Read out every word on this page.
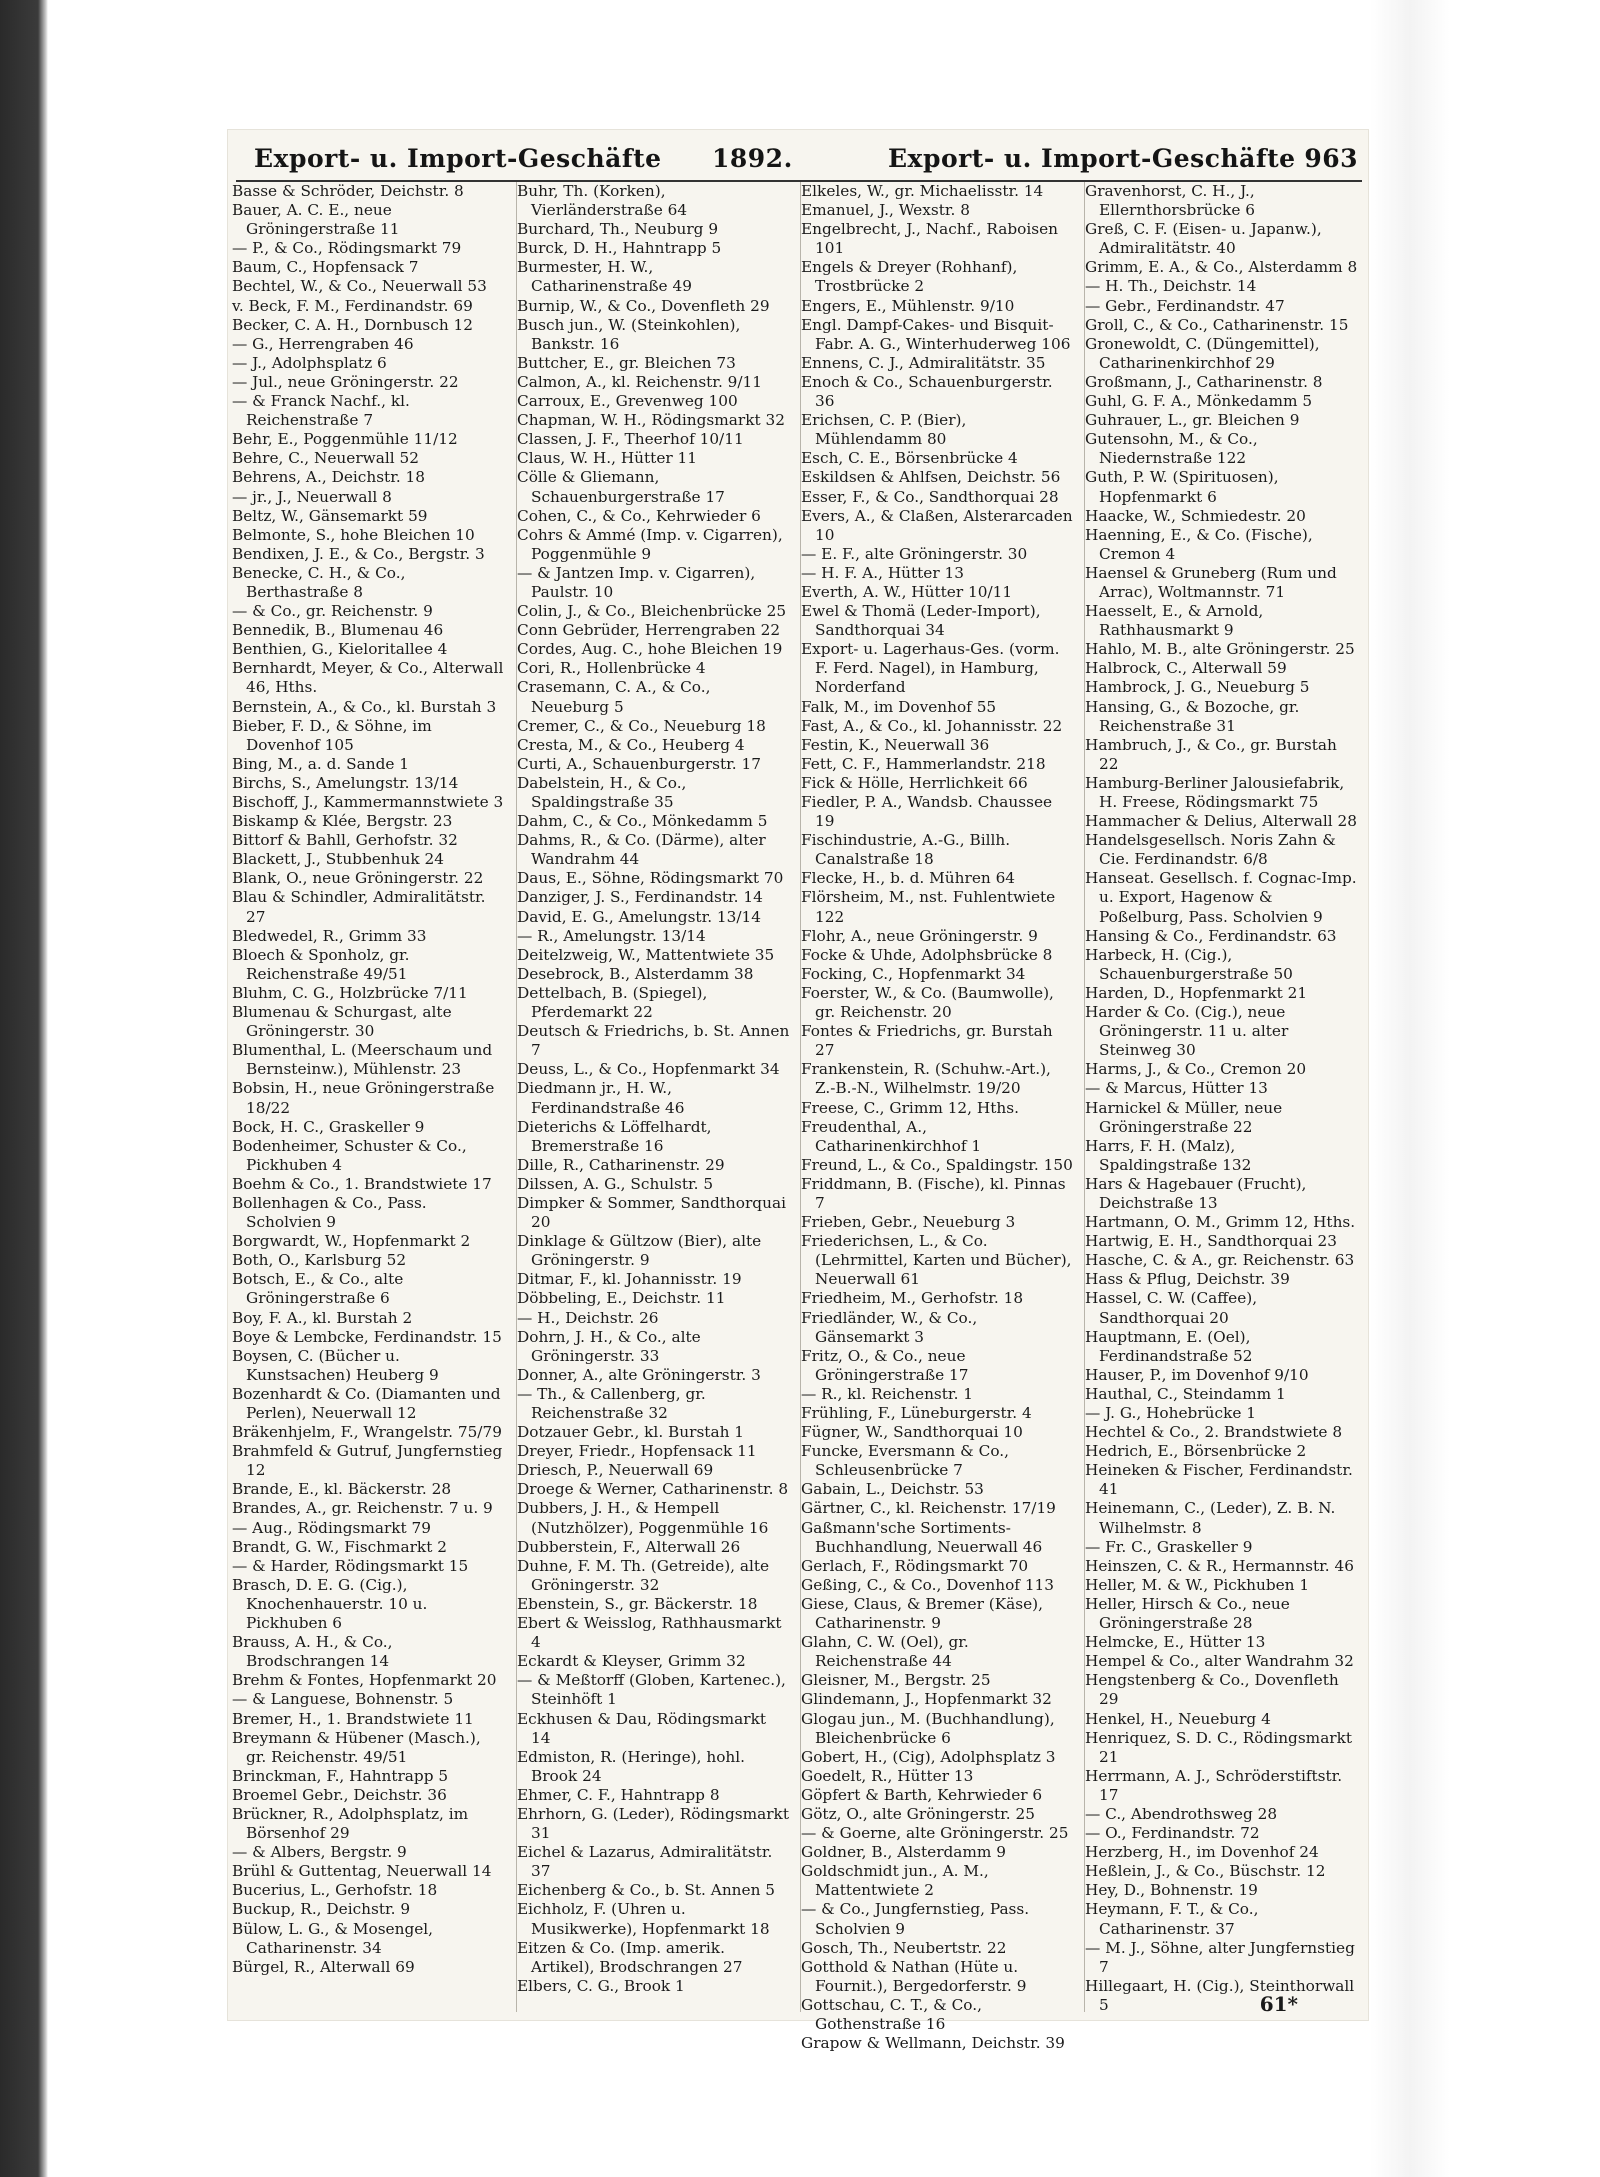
Export- u. Import-Geschäfte 1892.	Export- u. Import-Geschäfte 963

Basse & Schröder, Deichstr. 8

Bauer, A. C. E., neue Gröningerstraße 11

— P., & Co., Rödingsmarkt 79

Baum, C., Hopfensack 7

Bechtel, W., & Co., Neuerwall 53

v. Beck, F. M., Ferdinandstr. 69

Becker, C. A. H., Dornbusch 12

— G., Herrengraben 46

— J., Adolphsplatz 6

— Jul., neue Gröningerstr. 22

— & Franck Nachf., kl. Reichenstraße 7

Behr, E., Poggenmühle 11/12

Behre, C., Neuerwall 52

Behrens, A., Deichstr. 18

— jr., J., Neuerwall 8

Beltz, W., Gänsemarkt 59

Belmonte, S., hohe Bleichen 10

Bendixen, J. E., & Co., Bergstr. 3

Benecke, C. H., & Co., Berthastraße 8

— & Co., gr. Reichenstr. 9

Bennedik, B., Blumenau 46

Benthien, G., Kieloritallee 4

Bernhardt, Meyer, & Co., Alterwall 46, Hths.

Bernstein, A., & Co., kl. Burstah 3

Bieber, F. D., & Söhne, im Dovenhof 105

Bing, M., a. d. Sande 1

Birchs, S., Amelungstr. 13/14

Bischoff, J., Kammermannstwiete 3

Biskamp & Klée, Bergstr. 23

Bittorf & Bahll, Gerhofstr. 32

Blackett, J., Stubbenhuk 24

Blank, O., neue Gröningerstr. 22

Blau & Schindler, Admiralitätstr. 27

Bledwedel, R., Grimm 33

Bloech & Sponholz, gr. Reichenstraße 49/51

Bluhm, C. G., Holzbrücke 7/11

Blumenau & Schurgast, alte Gröningerstr. 30

Blumenthal, L. (Meerschaum und Bernsteinw.), Mühlenstr. 23

Bobsin, H., neue Gröningerstraße 18/22

Bock, H. C., Graskeller 9

Bodenheimer, Schuster & Co., Pickhuben 4

Boehm & Co., 1. Brandstwiete 17

Bollenhagen & Co., Pass. Scholvien 9

Borgwardt, W., Hopfenmarkt 2

Both, O., Karlsburg 52

Botsch, E., & Co., alte Gröningerstraße 6

Boy, F. A., kl. Burstah 2

Boye & Lembcke, Ferdinandstr. 15

Boysen, C. (Bücher u. Kunstsachen) Heuberg 9

Bozenhardt & Co. (Diamanten und Perlen), Neuerwall 12

Bräkenhjelm, F., Wrangelstr. 75/79

Brahmfeld & Gutruf, Jungfernstieg 12

Brande, E., kl. Bäckerstr. 28

Brandes, A., gr. Reichenstr. 7 u. 9

— Aug., Rödingsmarkt 79

Brandt, G. W., Fischmarkt 2

— & Harder, Rödingsmarkt 15

Brasch, D. E. G. (Cig.), Knochenhauerstr. 10 u. Pickhuben 6

Brauss, A. H., & Co., Brodschrangen 14

Brehm & Fontes, Hopfenmarkt 20

— & Languese, Bohnenstr. 5

Bremer, H., 1. Brandstwiete 11

Breymann & Hübener (Masch.), gr. Reichenstr. 49/51

Brinckman, F., Hahntrapp 5

Broemel Gebr., Deichstr. 36

Brückner, R., Adolphsplatz, im Börsenhof 29

— & Albers, Bergstr. 9

Brühl & Guttentag, Neuerwall 14

Bucerius, L., Gerhofstr. 18

Buckup, R., Deichstr. 9

Bülow, L. G., & Mosengel, Catharinenstr. 34

Bürgel, R., Alterwall 69

Buhr, Th. (Korken), Vierländerstraße 64

Burchard, Th., Neuburg 9

Burck, D. H., Hahntrapp 5

Burmester, H. W., Catharinenstraße 49

Burnip, W., & Co., Dovenfleth 29

Busch jun., W. (Steinkohlen), Bankstr. 16

Buttcher, E., gr. Bleichen 73

Calmon, A., kl. Reichenstr. 9/11

Carroux, E., Grevenweg 100

Chapman, W. H., Rödingsmarkt 32

Classen, J. F., Theerhof 10/11

Claus, W. H., Hütter 11

Cölle & Gliemann, Schauenburgerstraße 17

Cohen, C., & Co., Kehrwieder 6

Cohrs & Ammé (Imp. v. Cigarren), Poggenmühle 9

— & Jantzen Imp. v. Cigarren), Paulstr. 10

Colin, J., & Co., Bleichenbrücke 25

Conn Gebrüder, Herrengraben 22

Cordes, Aug. C., hohe Bleichen 19

Cori, R., Hollenbrücke 4

Crasemann, C. A., & Co., Neueburg 5

Cremer, C., & Co., Neueburg 18

Cresta, M., & Co., Heuberg 4

Curti, A., Schauenburgerstr. 17

Dabelstein, H., & Co., Spaldingstraße 35

Dahm, C., & Co., Mönkedamm 5

Dahms, R., & Co. (Därme), alter Wandrahm 44

Daus, E., Söhne, Rödingsmarkt 70

Danziger, J. S., Ferdinandstr. 14

David, E. G., Amelungstr. 13/14

— R., Amelungstr. 13/14

Deitelzweig, W., Mattentwiete 35

Desebrock, B., Alsterdamm 38

Dettelbach, B. (Spiegel), Pferdemarkt 22

Deutsch & Friedrichs, b. St. Annen 7

Deuss, L., & Co., Hopfenmarkt 34

Diedmann jr., H. W., Ferdinandstraße 46

Dieterichs & Löffelhardt, Bremerstraße 16

Dille, R., Catharinenstr. 29

Dilssen, A. G., Schulstr. 5

Dimpker & Sommer, Sandthorquai 20

Dinklage & Gültzow (Bier), alte Gröningerstr. 9

Ditmar, F., kl. Johannisstr. 19

Döbbeling, E., Deichstr. 11

— H., Deichstr. 26

Dohrn, J. H., & Co., alte Gröningerstr. 33

Donner, A., alte Gröningerstr. 3

— Th., & Callenberg, gr. Reichenstraße 32

Dotzauer Gebr., kl. Burstah 1

Dreyer, Friedr., Hopfensack 11

Driesch, P., Neuerwall 69

Droege & Werner, Catharinenstr. 8

Dubbers, J. H., & Hempell (Nutzhölzer), Poggenmühle 16

Dubberstein, F., Alterwall 26

Duhne, F. M. Th. (Getreide), alte Gröningerstr. 32

Ebenstein, S., gr. Bäckerstr. 18

Ebert & Weisslog, Rathhausmarkt 4

Eckardt & Kleyser, Grimm 32

— & Meßtorff (Globen, Kartenec.), Steinhöft 1

Eckhusen & Dau, Rödingsmarkt 14

Edmiston, R. (Heringe), hohl. Brook 24

Ehmer, C. F., Hahntrapp 8

Ehrhorn, G. (Leder), Rödingsmarkt 31

Eichel & Lazarus, Admiralitätstr. 37

Eichenberg & Co., b. St. Annen 5

Eichholz, F. (Uhren u. Musikwerke), Hopfenmarkt 18

Eitzen & Co. (Imp. amerik. Artikel), Brodschrangen 27

Elbers, C. G., Brook 1

Elkeles, W., gr. Michaelisstr. 14

Emanuel, J., Wexstr. 8

Engelbrecht, J., Nachf., Raboisen 101

Engels & Dreyer (Rohhanf), Trostbrücke 2

Engers, E., Mühlenstr. 9/10

Engl. Dampf-Cakes- und Bisquit-Fabr. A. G., Winterhuderweg 106

Ennens, C. J., Admiralitätstr. 35

Enoch & Co., Schauenburgerstr. 36

Erichsen, C. P. (Bier), Mühlendamm 80

Esch, C. E., Börsenbrücke 4

Eskildsen & Ahlfsen, Deichstr. 56

Esser, F., & Co., Sandthorquai 28

Evers, A., & Claßen, Alsterarcaden 10

— E. F., alte Gröningerstr. 30

— H. F. A., Hütter 13

Everth, A. W., Hütter 10/11

Ewel & Thomä (Leder-Import), Sandthorquai 34

Export- u. Lagerhaus-Ges. (vorm. F. Ferd. Nagel), in Hamburg, Norderfand

Falk, M., im Dovenhof 55

Fast, A., & Co., kl. Johannisstr. 22

Festin, K., Neuerwall 36

Fett, C. F., Hammerlandstr. 218

Fick & Hölle, Herrlichkeit 66

Fiedler, P. A., Wandsb. Chaussee 19

Fischindustrie, A.-G., Billh. Canalstraße 18

Flecke, H., b. d. Mühren 64

Flörsheim, M., nst. Fuhlentwiete 122

Flohr, A., neue Gröningerstr. 9

Focke & Uhde, Adolphsbrücke 8

Focking, C., Hopfenmarkt 34

Foerster, W., & Co. (Baumwolle), gr. Reichenstr. 20

Fontes & Friedrichs, gr. Burstah 27

Frankenstein, R. (Schuhw.-Art.), Z.-B.-N., Wilhelmstr. 19/20

Freese, C., Grimm 12, Hths.

Freudenthal, A., Catharinenkirchhof 1

Freund, L., & Co., Spaldingstr. 150

Friddmann, B. (Fische), kl. Pinnas 7

Frieben, Gebr., Neueburg 3

Friederichsen, L., & Co. (Lehrmittel, Karten und Bücher), Neuerwall 61

Friedheim, M., Gerhofstr. 18

Friedländer, W., & Co., Gänsemarkt 3

Fritz, O., & Co., neue Gröningerstraße 17

— R., kl. Reichenstr. 1

Frühling, F., Lüneburgerstr. 4

Fügner, W., Sandthorquai 10

Funcke, Eversmann & Co., Schleusenbrücke 7

Gabain, L., Deichstr. 53

Gärtner, C., kl. Reichenstr. 17/19

Gaßmann'sche Sortiments-Buchhandlung, Neuerwall 46

Gerlach, F., Rödingsmarkt 70

Geßing, C., & Co., Dovenhof 113

Giese, Claus, & Bremer (Käse), Catharinenstr. 9

Glahn, C. W. (Oel), gr. Reichenstraße 44

Gleisner, M., Bergstr. 25

Glindemann, J., Hopfenmarkt 32

Glogau jun., M. (Buchhandlung), Bleichenbrücke 6

Gobert, H., (Cig), Adolphsplatz 3

Goedelt, R., Hütter 13

Göpfert & Barth, Kehrwieder 6

Götz, O., alte Gröningerstr. 25

— & Goerne, alte Gröningerstr. 25

Goldner, B., Alsterdamm 9

Goldschmidt jun., A. M., Mattentwiete 2

— & Co., Jungfernstieg, Pass. Scholvien 9

Gosch, Th., Neubertstr. 22

Gotthold & Nathan (Hüte u. Fournit.), Bergedorferstr. 9

Gottschau, C. T., & Co., Gothenstraße 16

Grapow & Wellmann, Deichstr. 39

Gravenhorst, C. H., J., Ellernthorsbrücke 6

Greß, C. F. (Eisen- u. Japanw.), Admiralitätstr. 40

Grimm, E. A., & Co., Alsterdamm 8

— H. Th., Deichstr. 14

— Gebr., Ferdinandstr. 47

Groll, C., & Co., Catharinenstr. 15

Gronewoldt, C. (Düngemittel), Catharinenkirchhof 29

Großmann, J., Catharinenstr. 8

Guhl, G. F. A., Mönkedamm 5

Guhrauer, L., gr. Bleichen 9

Gutensohn, M., & Co., Niedernstraße 122

Guth, P. W. (Spirituosen), Hopfenmarkt 6

Haacke, W., Schmiedestr. 20

Haenning, E., & Co. (Fische), Cremon 4

Haensel & Gruneberg (Rum und Arrac), Woltmannstr. 71

Haesselt, E., & Arnold, Rathhausmarkt 9

Hahlo, M. B., alte Gröningerstr. 25

Halbrock, C., Alterwall 59

Hambrock, J. G., Neueburg 5

Hansing, G., & Bozoche, gr. Reichenstraße 31

Hambruch, J., & Co., gr. Burstah 22

Hamburg-Berliner Jalousiefabrik, H. Freese, Rödingsmarkt 75

Hammacher & Delius, Alterwall 28

Handelsgesellsch. Noris Zahn & Cie. Ferdinandstr. 6/8

Hanseat. Gesellsch. f. Cognac-Imp. u. Export, Hagenow & Poßelburg, Pass. Scholvien 9

Hansing & Co., Ferdinandstr. 63

Harbeck, H. (Cig.), Schauenburgerstraße 50

Harden, D., Hopfenmarkt 21

Harder & Co. (Cig.), neue Gröningerstr. 11 u. alter Steinweg 30

Harms, J., & Co., Cremon 20

— & Marcus, Hütter 13

Harnickel & Müller, neue Gröningerstraße 22

Harrs, F. H. (Malz), Spaldingstraße 132

Hars & Hagebauer (Frucht), Deichstraße 13

Hartmann, O. M., Grimm 12, Hths.

Hartwig, E. H., Sandthorquai 23

Hasche, C. & A., gr. Reichenstr. 63

Hass & Pflug, Deichstr. 39

Hassel, C. W. (Caffee), Sandthorquai 20

Hauptmann, E. (Oel), Ferdinandstraße 52

Hauser, P., im Dovenhof 9/10

Hauthal, C., Steindamm 1

— J. G., Hohebrücke 1

Hechtel & Co., 2. Brandstwiete 8

Hedrich, E., Börsenbrücke 2

Heineken & Fischer, Ferdinandstr. 41

Heinemann, C., (Leder), Z. B. N. Wilhelmstr. 8

— Fr. C., Graskeller 9

Heinszen, C. & R., Hermannstr. 46

Heller, M. & W., Pickhuben 1

Heller, Hirsch & Co., neue Gröningerstraße 28

Helmcke, E., Hütter 13

Hempel & Co., alter Wandrahm 32

Hengstenberg & Co., Dovenfleth 29

Henkel, H., Neueburg 4

Henriquez, S. D. C., Rödingsmarkt 21

Herrmann, A. J., Schröderstiftstr. 17

— C., Abendrothsweg 28

— O., Ferdinandstr. 72

Herzberg, H., im Dovenhof 24

Heßlein, J., & Co., Büschstr. 12

Hey, D., Bohnenstr. 19

Heymann, F. T., & Co., Catharinenstr. 37

— M. J., Söhne, alter Jungfernstieg 7

Hillegaart, H. (Cig.), Steinthorwall 5	61*
